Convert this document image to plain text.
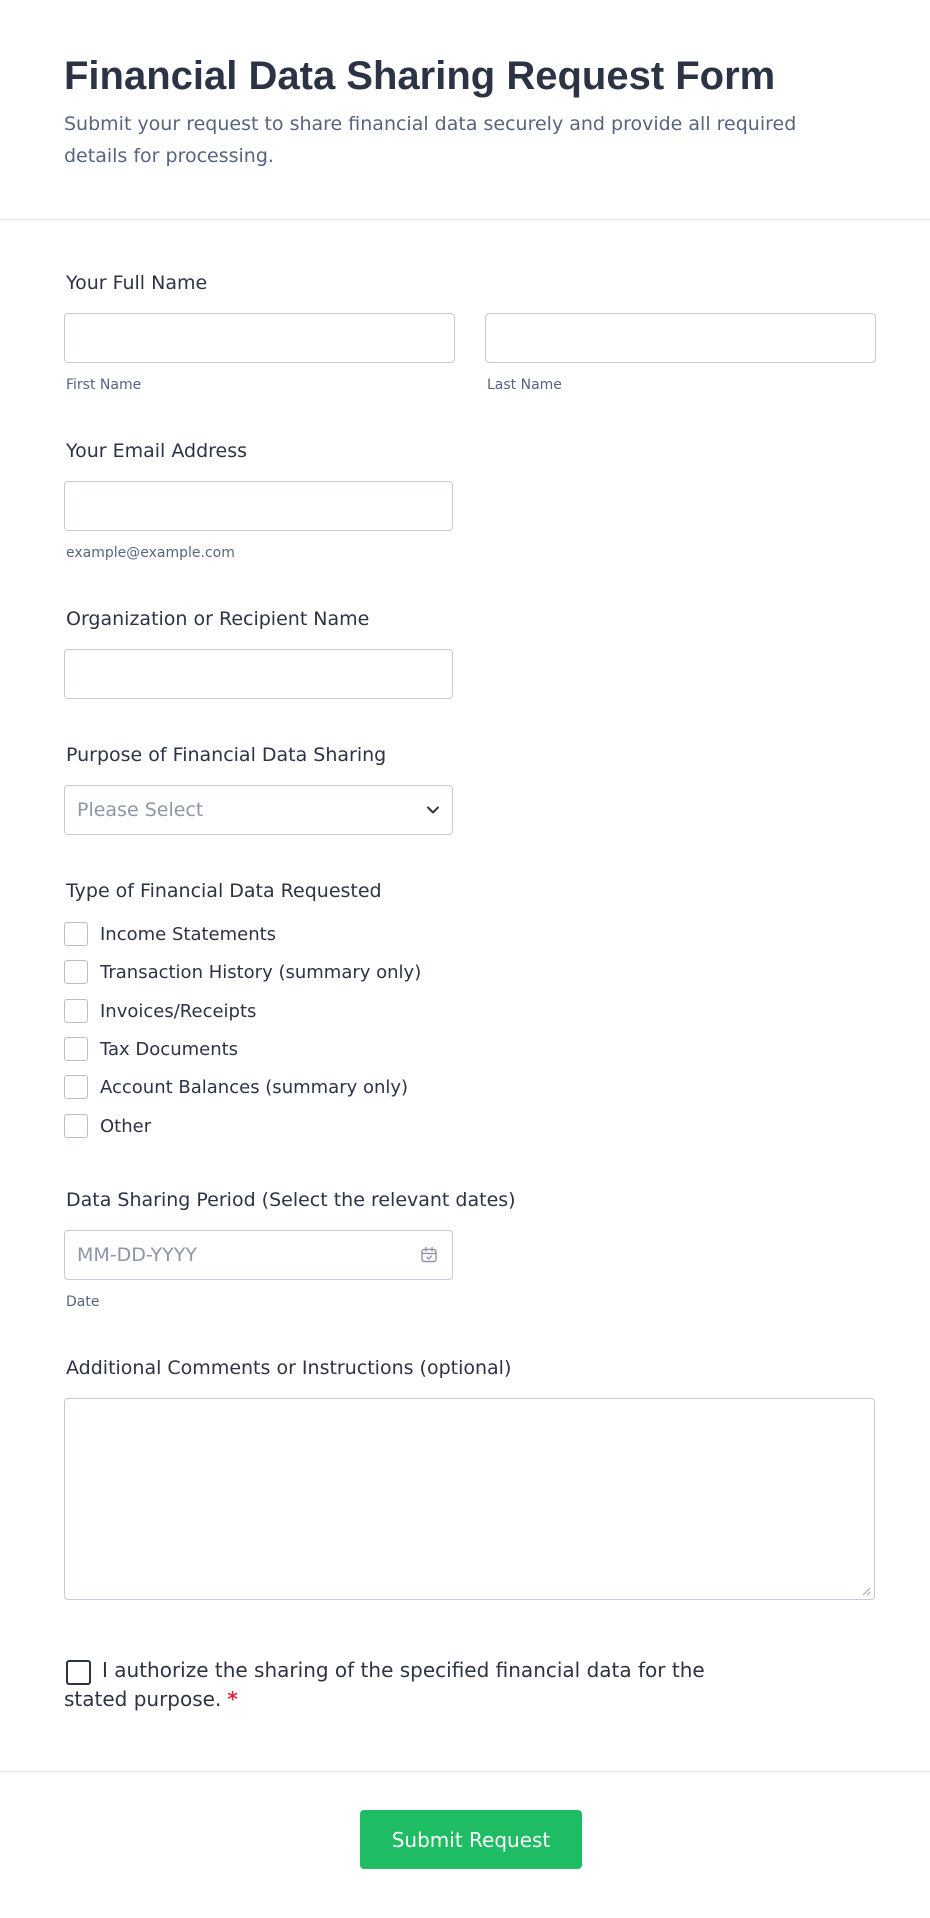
Financial Data Sharing Request Form

Submit your request to share financial data securely and provide all required details for processing.

Your Full Name
First Name	Last Name
Your Email Address
example@example.com
Organization or Recipient Name
Purpose of Financial Data Sharing
Please Select
Type of Financial Data Requested
Income Statements
Transaction History (summary only)
Invoices/Receipts
Tax Documents
Account Balances (summary only)
Other
Data Sharing Period (Select the relevant dates)
MM-DD-YYYY
Date
Additional Comments or Instructions (optional)

I authorize the sharing of the specified financial data for the stated purpose. *

Submit Request
